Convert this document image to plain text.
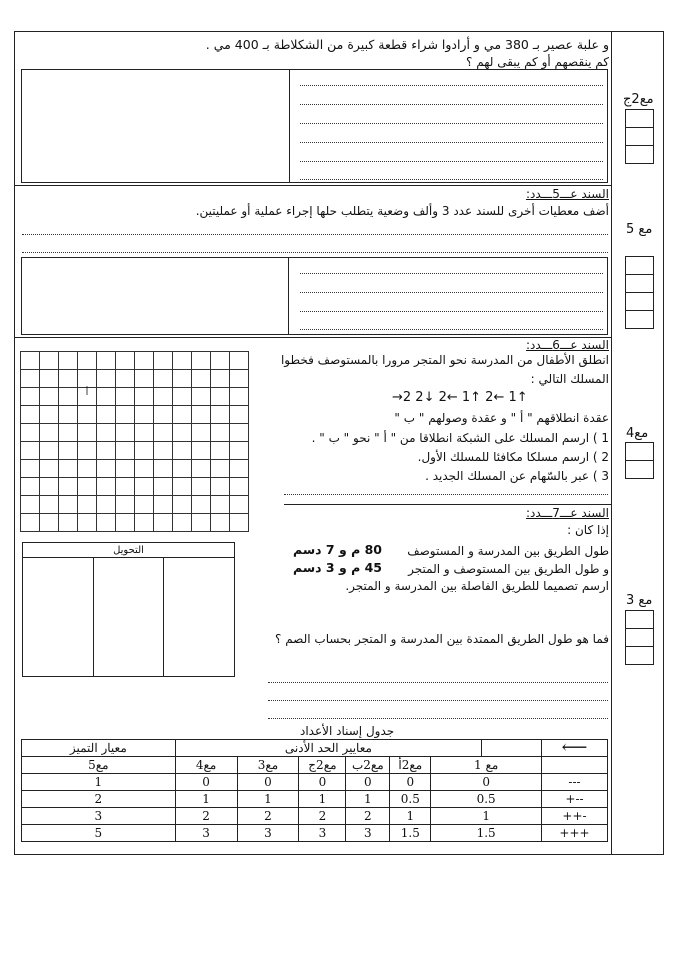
و علبة عصير بـ 380 مي و أرادوا شراء قطعة كبيرة من الشكلاطة بـ 400 مي .
كم ينقصهم أو كم يبقى لهم ؟
مع2ج
السند عـــ5ـــدد:
أضف معطيات أخرى للسند عدد 3 وألف وضعية يتطلب حلها إجراء عملية أو عمليتين.
مع 5

			أ								

السند عـــ6ـــدد:
انطلق الأطفال من المدرسة نحو المتجر مرورا بالمستوصف فخطوا
المسلك التالي :
→2 2↓ 2← 1↑ 2← 1↑
عقدة انطلاقهم " أ " و عقدة وصولهم " ب "
1 ) ارسم المسلك على الشبكة انطلاقا من " أ " نحو " ب " .
2 ) ارسم مسلكا مكافئا للمسلك الأول.
3 ) عبر بالسّهام عن المسلك الجديد .
مع4
السند عـــ7ـــدد:
إذا كان :
طول الطريق بين المدرسة و المستوصف
80 م و 7 دسم
و طول الطريق بين المستوصف و المتجر
45 م و 3 دسم
ارسم تصميما للطريق الفاصلة بين المدرسة و المتجر.
التحويل

مع 3
فما هو طول الطريق الممتدة بين المدرسة و المتجر بحساب الصم ؟
جدول إسناد الأعداد
معيار التميز	معايير الحد الأدنى							⟵
مع5	مع4	مع3	مع2ج	مع2ب	مع2أ	مع 1		
1	0	0	0	0	0	0		---
2	1	1	1	1	0.5	0.5		+--
3	2	2	2	2	1	1		++-
5	3	3	3	3	1.5	1.5		+++
